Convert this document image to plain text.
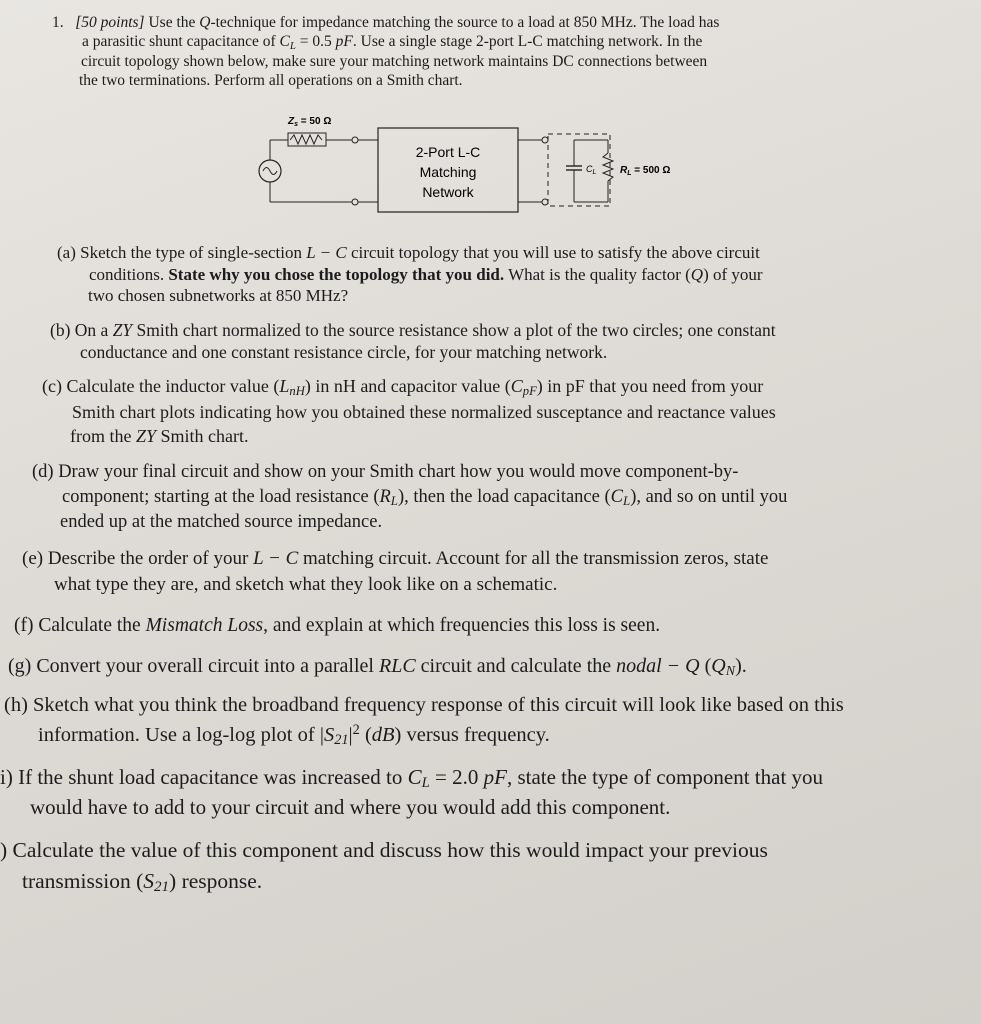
1. [50 points] Use the Q-technique for impedance matching the source to a load at 850 MHz. The load has
a parasitic shunt capacitance of $C_L = 0.5$ pF. Use a single stage 2-port L-C matching network. In the
circuit topology shown below, make sure your matching network maintains DC connections between
the two terminations. Perform all operations on a Smith chart.
$Z_s = 50$ Ω
2-Port L-C
Matching
Network
$C_L$ $R_L = 500$ Ω
(a) Sketch the type of single-section L − C circuit topology that you will use to satisfy the above circuit
conditions. State why you chose the topology that you did. What is the quality factor (Q) of your
two chosen subnetworks at 850 MHz?
(b) On a ZY Smith chart normalized to the source resistance show a plot of the two circles; one constant
conductance and one constant resistance circle, for your matching network.
(c) Calculate the inductor value $(L_{nH})$ in nH and capacitor value $(C_{pF})$ in pF that you need from your
Smith chart plots indicating how you obtained these normalized susceptance and reactance values
from the ZY Smith chart.
(d) Draw your final circuit and show on your Smith chart how you would move component-by-
component; starting at the load resistance $(R_L)$, then the load capacitance $(C_L)$, and so on until you
ended up at the matched source impedance.
(e) Describe the order of your L − C matching circuit. Account for all the transmission zeros, state
what type they are, and sketch what they look like on a schematic.
(f) Calculate the Mismatch Loss, and explain at which frequencies this loss is seen.
(g) Convert your overall circuit into a parallel RLC circuit and calculate the nodal − Q $(Q_N)$.
(h) Sketch what you think the broadband frequency response of this circuit will look like based on this
information. Use a log-log plot of $|S_{21}|^2$ (dB) versus frequency.
i) If the shunt load capacitance was increased to $C_L = 2.0$ pF, state the type of component that you
would have to add to your circuit and where you would add this component.
) Calculate the value of this component and discuss how this would impact your previous
transmission $(S_{21})$ response.
